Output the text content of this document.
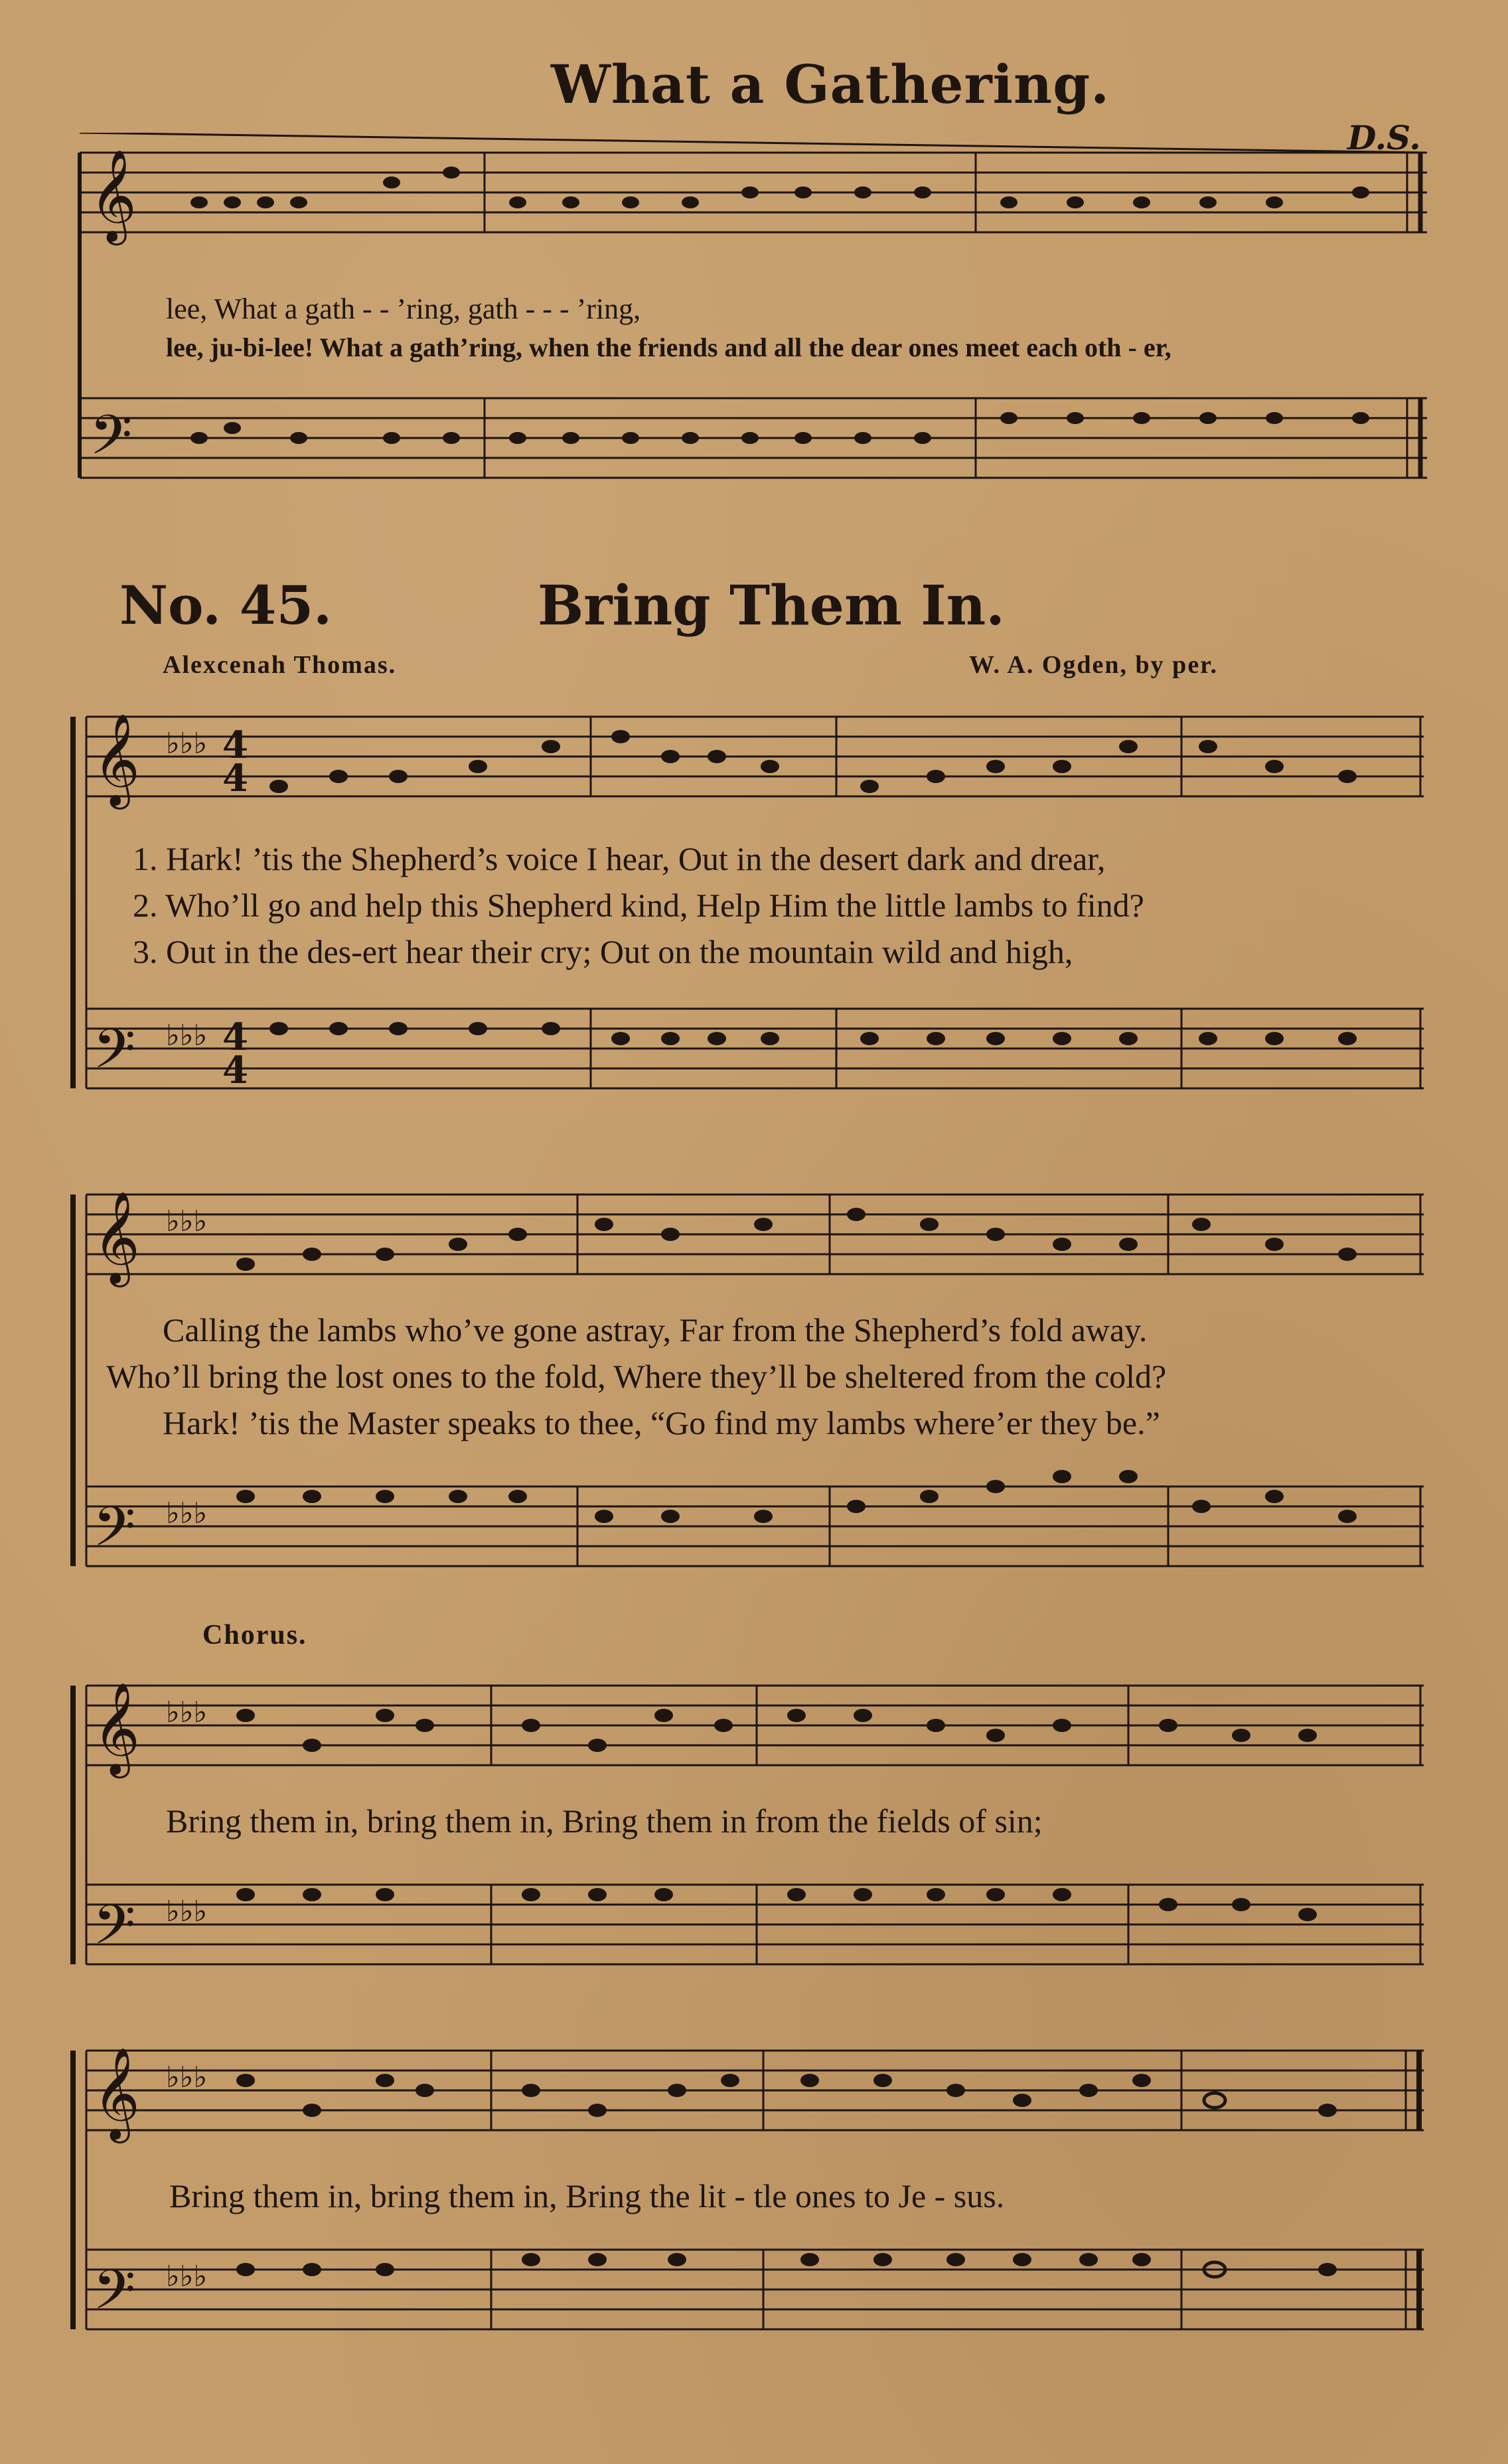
What a Gathering.
D.S.
𝄞
𝄢
lee, What a gath - - ’ring, gath - - - ’ring,
lee, ju-bi-lee! What a gath’ring, when the friends and all the dear ones meet each oth - er,
No. 45.	Bring Them In.
Alexcenah Thomas.	W. A. Ogden, by per.
𝄞
𝄢
♭♭♭ 4
4
♭♭♭ 4
4
1. Hark! ’tis the Shepherd’s voice I hear, Out in the desert dark and drear,
2. Who’ll go and help this Shepherd kind, Help Him the little lambs to find?
3. Out in the des-ert hear their cry; Out on the mountain wild and high,
𝄞
𝄢
♭♭♭
♭♭♭
Calling the lambs who’ve gone astray, Far from the Shepherd’s fold away.
Who’ll bring the lost ones to the fold, Where they’ll be sheltered from the cold?
Hark! ’tis the Master speaks to thee, “Go find my lambs where’er they be.”
Chorus.
𝄞
𝄢
♭♭♭
♭♭♭
Bring them in, bring them in, Bring them in from the fields of sin;
𝄞
𝄢
♭♭♭
♭♭♭
Bring them in, bring them in, Bring the lit - tle ones to Je - sus.
